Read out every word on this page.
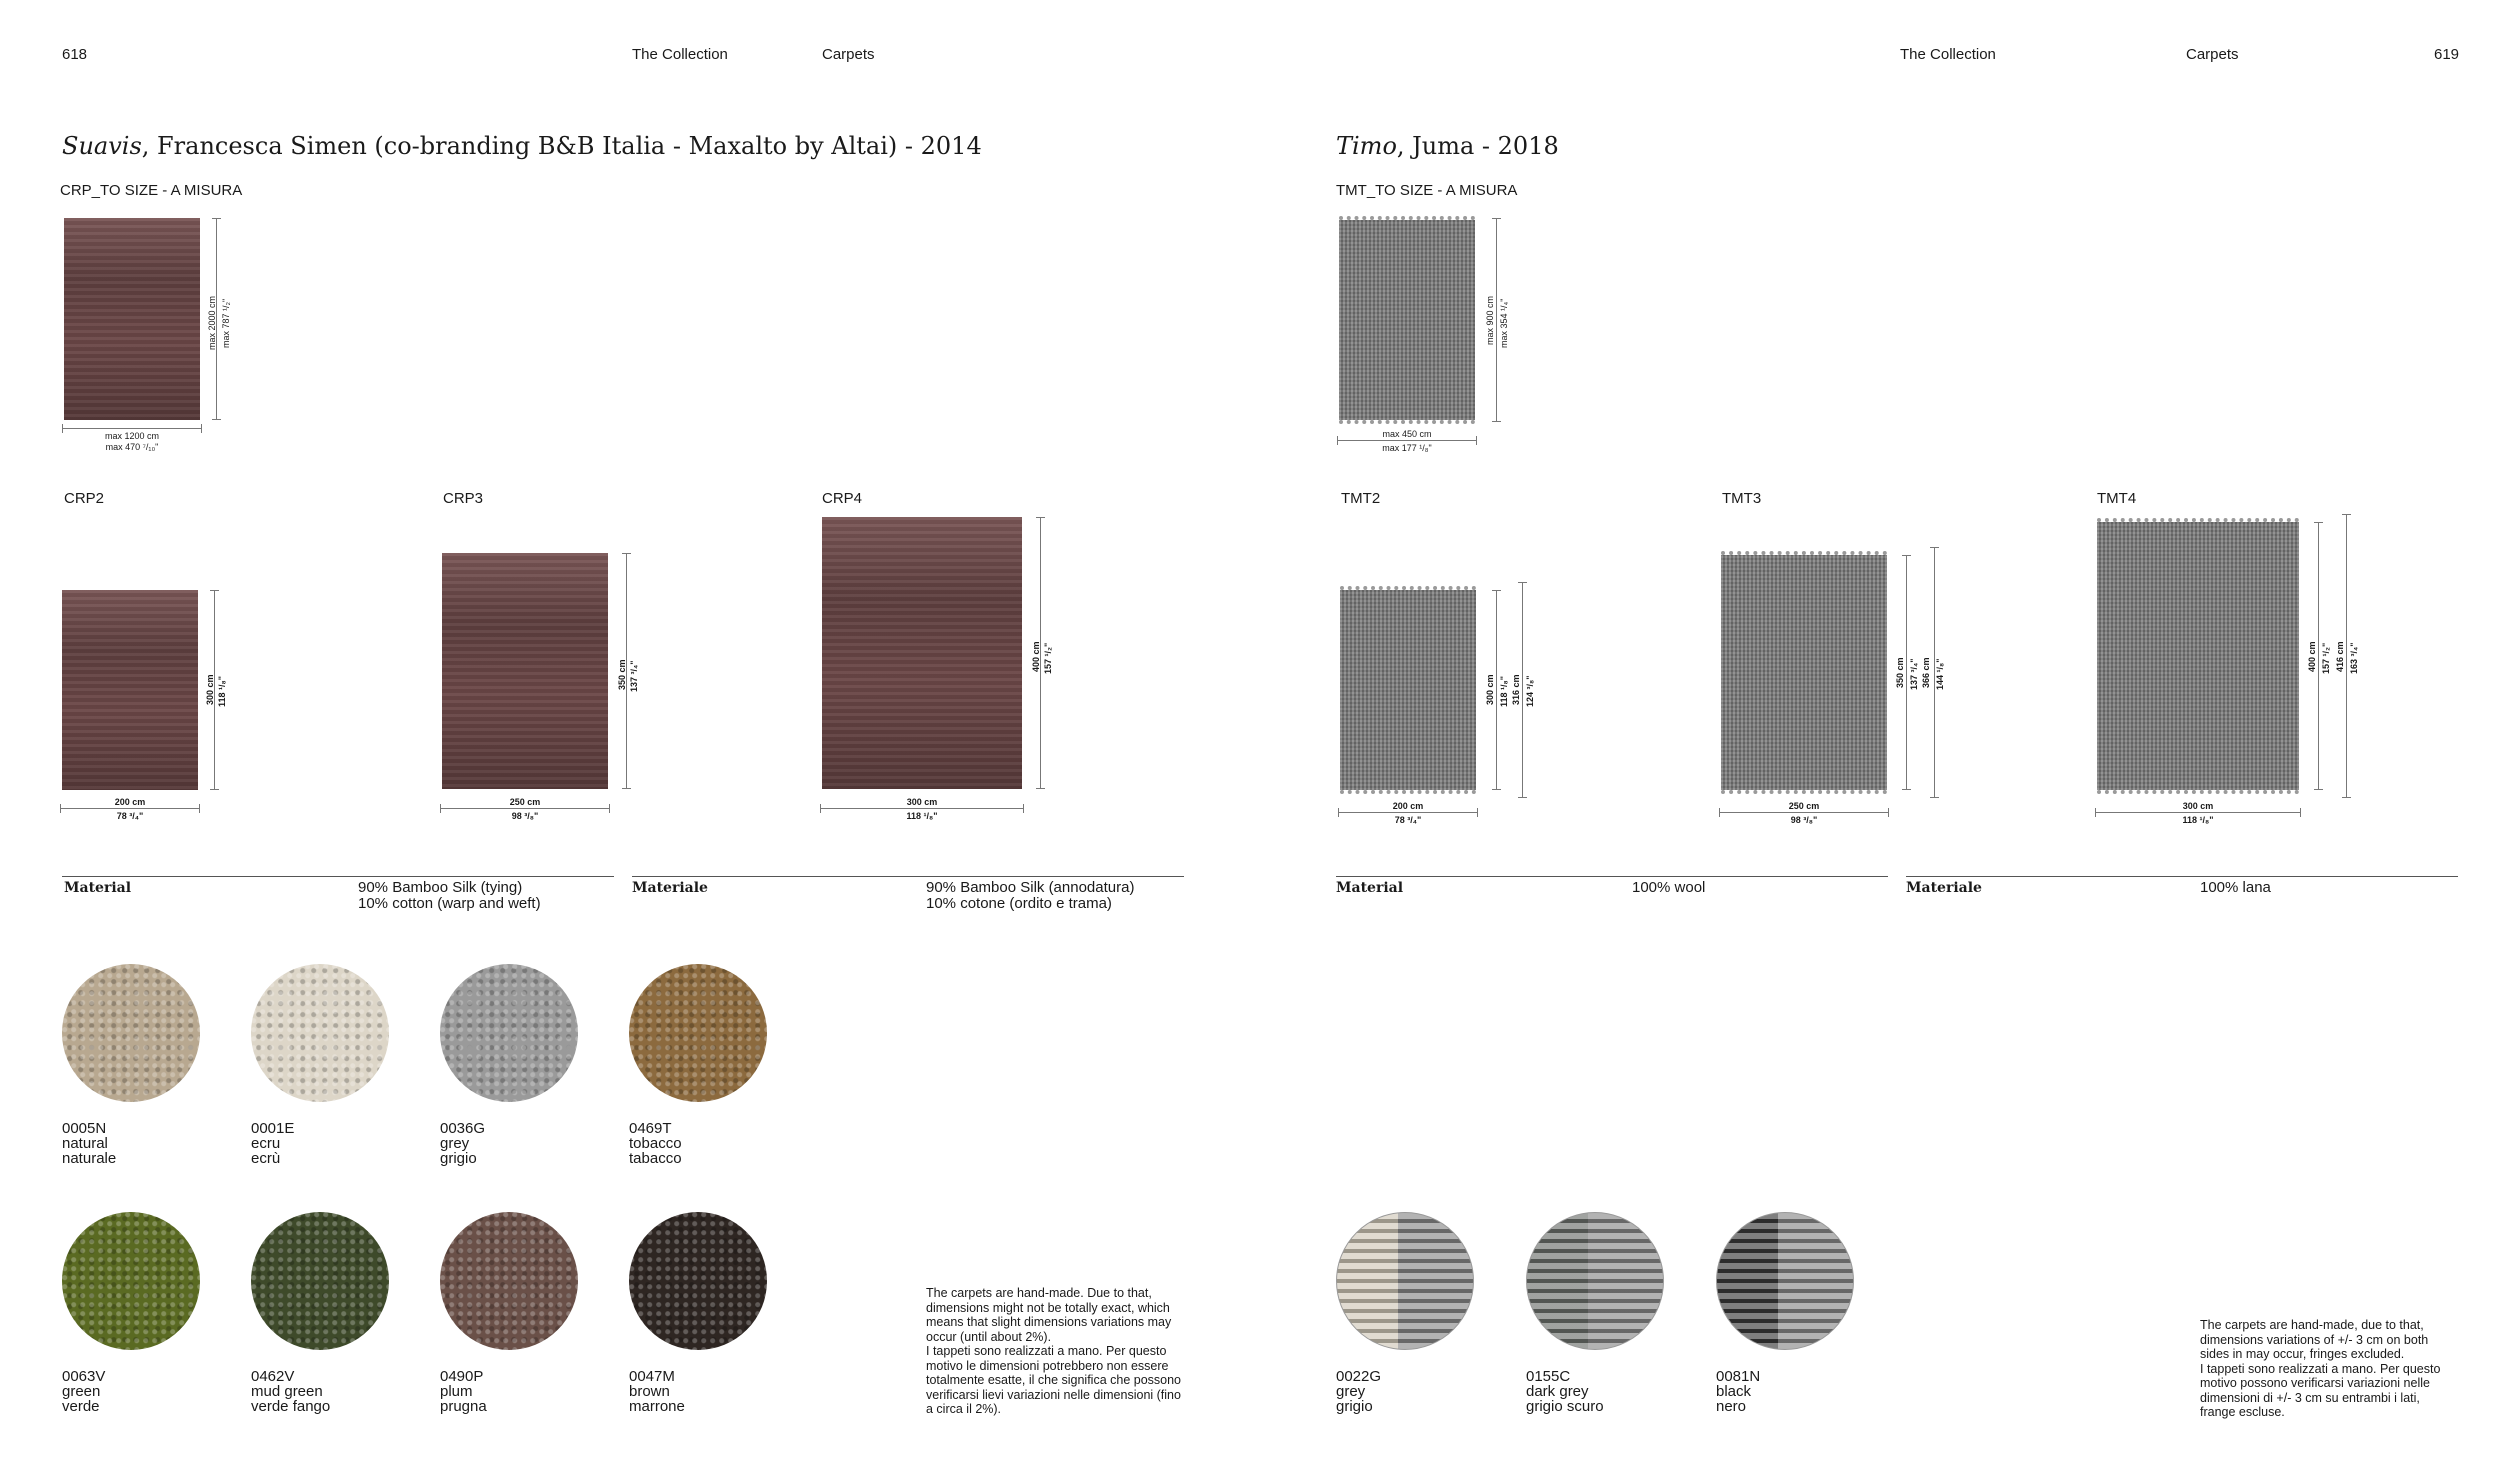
618	The Collection	Carpets
Suavis, Francesca Simen (co-branding B&B Italia - Maxalto by Altai) - 2014
CRP_TO SIZE - A MISURA
max 1200 cm
max 470 ⁷/₁₀"
max 2000 cm max 787 ¹/₂"
CRP2
200 cm
78 ³/₄"
300 cm 118 ¹/₈"
CRP3
250 cm
98 ³/₈"
350 cm 137 ³/₄"
CRP4
300 cm
118 ¹/₈"
400 cm 157 ¹/₂"
Material	90% Bamboo Silk (tying)
10% cotton (warp and weft)
Materiale	90% Bamboo Silk (annodatura)
10% cotone (ordito e trama)
0005N
natural
naturale
0001E
ecru
ecrù
0036G
grey
grigio
0469T
tobacco
tabacco
0063V
green
verde
0462V
mud green
verde fango
0490P
plum
prugna
0047M
brown
marrone
The carpets are hand-made. Due to that,
dimensions might not be totally exact, which
means that slight dimensions variations may
occur (until about 2%).
I tappeti sono realizzati a mano. Per questo
motivo le dimensioni potrebbero non essere
totalmente esatte, il che significa che possono
verificarsi lievi variazioni nelle dimensioni (fino
a circa il 2%).
The Collection	Carpets	619
Timo, Juma - 2018
TMT_TO SIZE - A MISURA
max 450 cm
max 177 ¹/₈"
max 900 cm max 354 ¹/₄"
TMT2
200 cm
78 ³/₄"
300 cm 118 ¹/₈" 316 cm 124 ³/₈"
TMT3
250 cm
98 ³/₈"
350 cm 137 ³/₄" 366 cm 144 ¹/₈"
TMT4
300 cm
118 ¹/₈"
400 cm 157 ¹/₂" 416 cm 163 ³/₄"
Material	100% wool	Materiale	100% lana
0022G
grey
grigio
0155C
dark grey
grigio scuro
0081N
black
nero
The carpets are hand-made, due to that,
dimensions variations of +/- 3 cm on both
sides in may occur, fringes excluded.
I tappeti sono realizzati a mano. Per questo
motivo possono verificarsi variazioni nelle
dimensioni di +/- 3 cm su entrambi i lati,
frange escluse.
